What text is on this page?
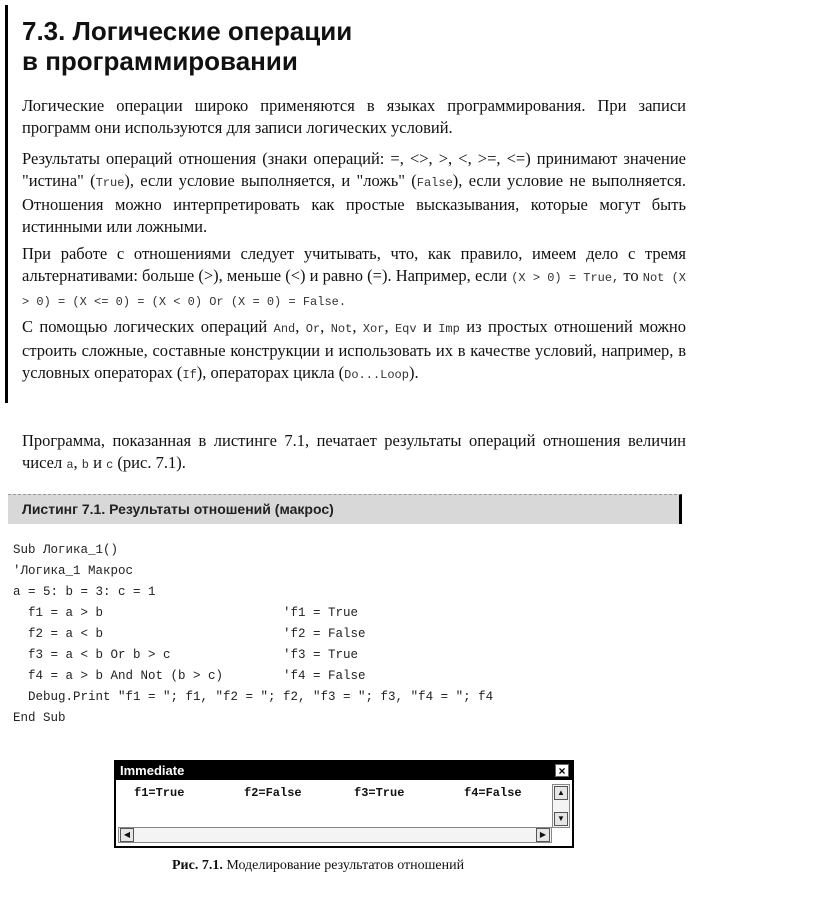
7.3. Логические операции
в программировании

Логические операции широко применяются в языках программирования. При записи программ они используются для записи логических условий.

Результаты операций отношения (знаки операций: =, <>, >, <, >=, <=) принимают значение "истина" (True), если условие выполняется, и "ложь" (False), если условие не выполняется. Отношения можно интерпретировать как простые высказывания, которые могут быть истинными или ложными.

При работе с отношениями следует учитывать, что, как правило, имеем дело с тремя альтернативами: больше (>), меньше (<) и равно (=). Например, если (X > 0) = True, то Not (X > 0) = (X <= 0) = (X < 0) Or (X = 0) = False.

С помощью логических операций And, Or, Not, Xor, Eqv и Imp из простых отношений можно строить сложные, составные конструкции и использовать их в качестве условий, например, в условных операторах (If), операторах цикла (Do...Loop).

Программа, показанная в листинге 7.1, печатает результаты операций отношения величин чисел a, b и c (рис. 7.1).

Листинг 7.1. Результаты отношений (макрос)
Sub Логика_1()
'Логика_1 Макрос
a = 5: b = 3: c = 1
f1 = a > b                        'f1 = True
f2 = a < b                        'f2 = False
f3 = a < b Or b > c               'f3 = True
f4 = a > b And Not (b > c)        'f4 = False
Debug.Print "f1 = "; f1, "f2 = "; f2, "f3 = "; f3, "f4 = "; f4
End Sub
Immediate	×
f1=True	f2=False	f3=True	f4=False	▲
▼
◀	▶
Рис. 7.1. Моделирование результатов отношений
